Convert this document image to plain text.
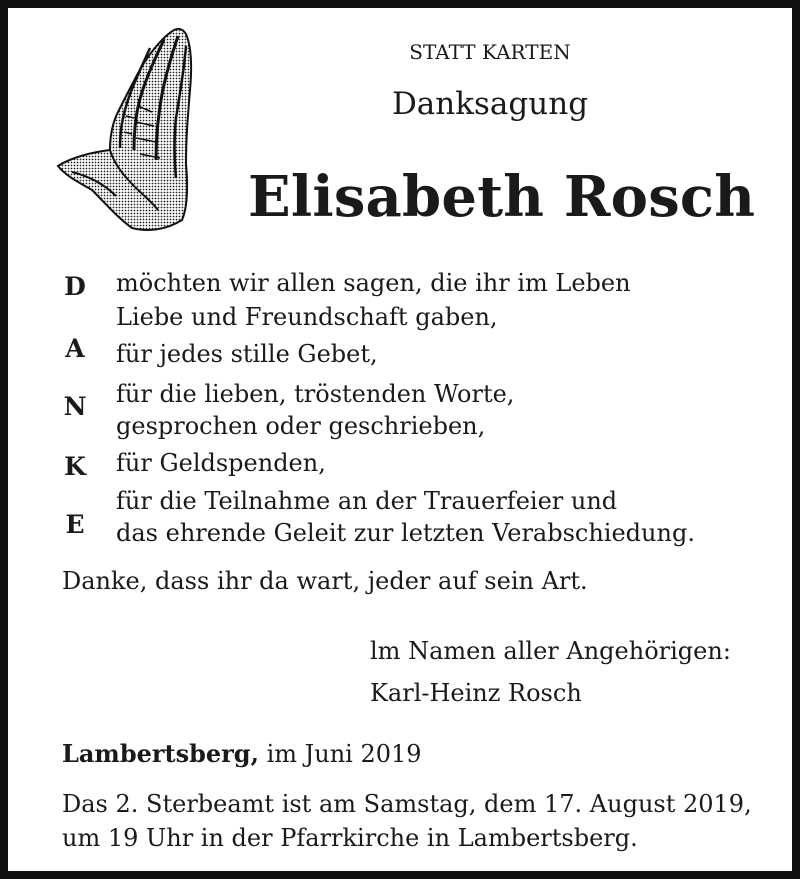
STATT KARTEN
Danksagung
Elisabeth Rosch
D möchten wir allen sagen, die ihr im Leben
Liebe und Freundschaft gaben,
A für jedes stille Gebet,
N für die lieben, tröstenden Worte,
gesprochen oder geschrieben,
K für Geldspenden,
E
für die Teilnahme an der Trauerfeier und
das ehrende Geleit zur letzten Verabschiedung.
Danke, dass ihr da wart, jeder auf sein Art.
lm Namen aller Angehörigen:
Karl-Heinz Rosch
Lambertsberg, im Juni 2019
Das 2. Sterbeamt ist am Samstag, dem 17. August 2019,
um 19 Uhr in der Pfarrkirche in Lambertsberg.
